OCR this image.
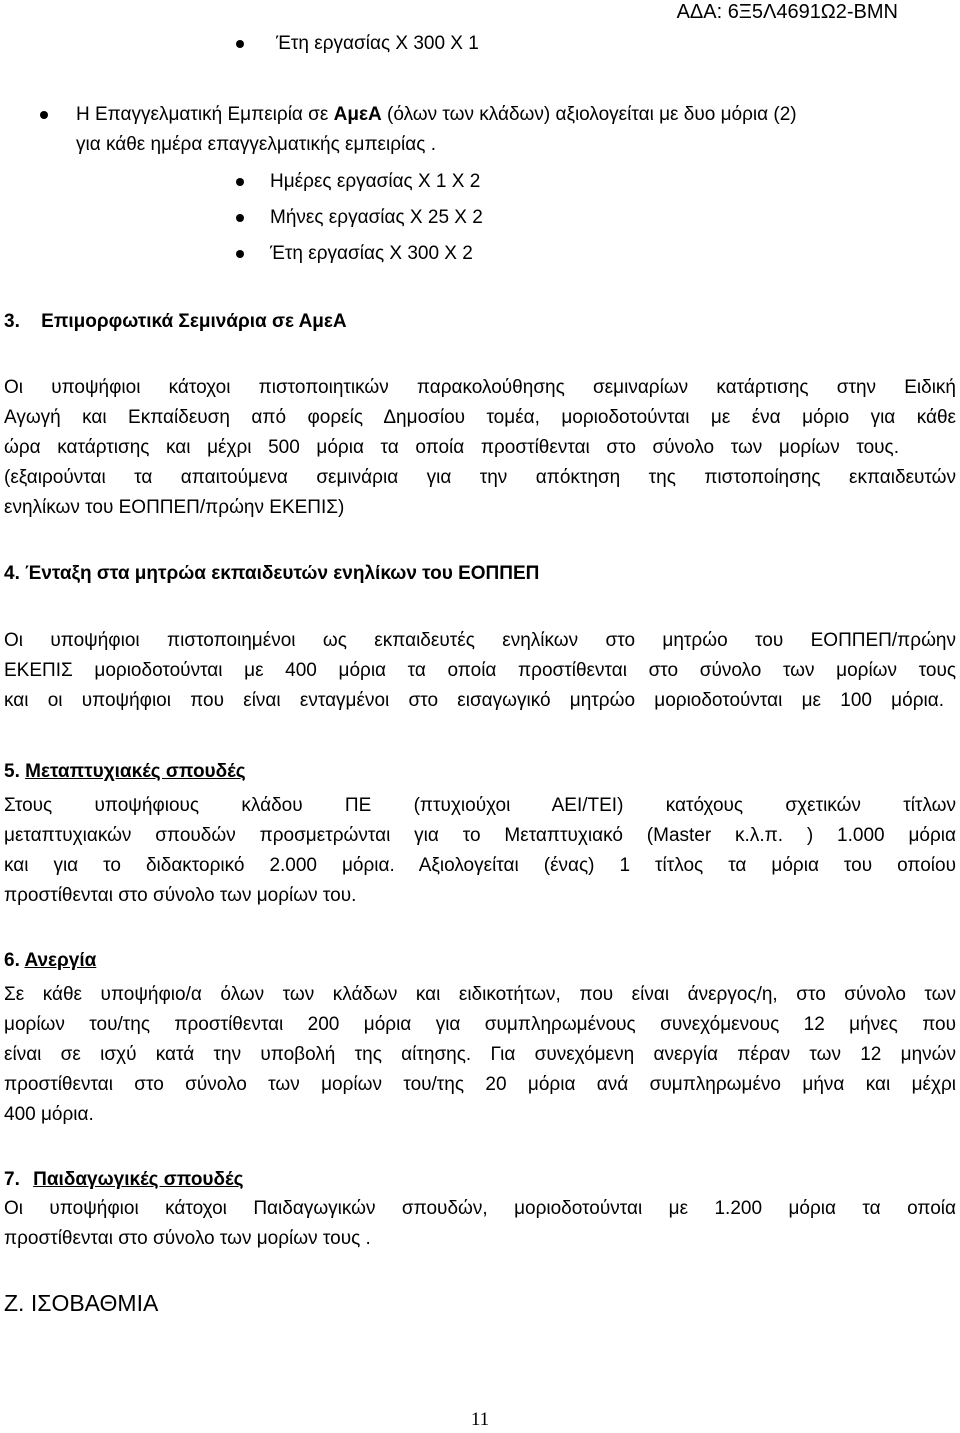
ΑΔΑ: 6Ξ5Λ4691Ω2-ΒΜΝ
Έτη εργασίας Χ 300 Χ 1
Η Επαγγελματική Εμπειρία σε ΑμεΑ (όλων των κλάδων) αξιολογείται με δυο μόρια (2)
για κάθε ημέρα επαγγελματικής εμπειρίας .
Ημέρες εργασίας Χ 1 Χ 2
Μήνες εργασίας Χ 25 Χ 2
Έτη εργασίας Χ 300 Χ 2
3. Επιμορφωτικά Σεμινάρια σε ΑμεΑ
Οι υποψήφιοι κάτοχοι πιστοποιητικών παρακολούθησης σεμιναρίων κατάρτισης στην Ειδική
Αγωγή και Εκπαίδευση από φορείς Δημοσίου τομέα, μοριοδοτούνται με ένα μόριο για κάθε
ώρα κατάρτισης και μέχρι 500 μόρια τα οποία προστίθενται στο σύνολο των μορίων τους.
(εξαιρούνται τα απαιτούμενα σεμινάρια για την απόκτηση της πιστοποίησης εκπαιδευτών
ενηλίκων του ΕΟΠΠΕΠ/πρώην ΕΚΕΠΙΣ)
4. Ένταξη στα μητρώα εκπαιδευτών ενηλίκων του ΕΟΠΠΕΠ
Οι υποψήφιοι πιστοποιημένοι ως εκπαιδευτές ενηλίκων στο μητρώο του ΕΟΠΠΕΠ/πρώην
ΕΚΕΠΙΣ μοριοδοτούνται με 400 μόρια τα οποία προστίθενται στο σύνολο των μορίων τους
και οι υποψήφιοι που είναι ενταγμένοι στο εισαγωγικό μητρώο μοριοδοτούνται με 100 μόρια.
5. Μεταπτυχιακές σπουδές
Στους υποψήφιους κλάδου ΠΕ (πτυχιούχοι ΑΕΙ/ΤΕΙ) κατόχους σχετικών τίτλων
μεταπτυχιακών σπουδών προσμετρώνται για το Μεταπτυχιακό (Master κ.λ.π. ) 1.000 μόρια
και για το διδακτορικό 2.000 μόρια. Αξιολογείται (ένας) 1 τίτλος τα μόρια του οποίου
προστίθενται στο σύνολο των μορίων του.
6. Ανεργία
Σε κάθε υποψήφιο/α όλων των κλάδων και ειδικοτήτων, που είναι άνεργος/η, στο σύνολο των
μορίων του/της προστίθενται 200 μόρια για συμπληρωμένους συνεχόμενους 12 μήνες που
είναι σε ισχύ κατά την υποβολή της αίτησης. Για συνεχόμενη ανεργία πέραν των 12 μηνών
προστίθενται στο σύνολο των μορίων του/της 20 μόρια ανά συμπληρωμένο μήνα και μέχρι
400 μόρια.
7. Παιδαγωγικές σπουδές
Οι υποψήφιοι κάτοχοι Παιδαγωγικών σπουδών, μοριοδοτούνται με 1.200 μόρια τα οποία
προστίθενται στο σύνολο των μορίων τους .
Ζ. ΙΣΟΒΑΘΜΙΑ
11
